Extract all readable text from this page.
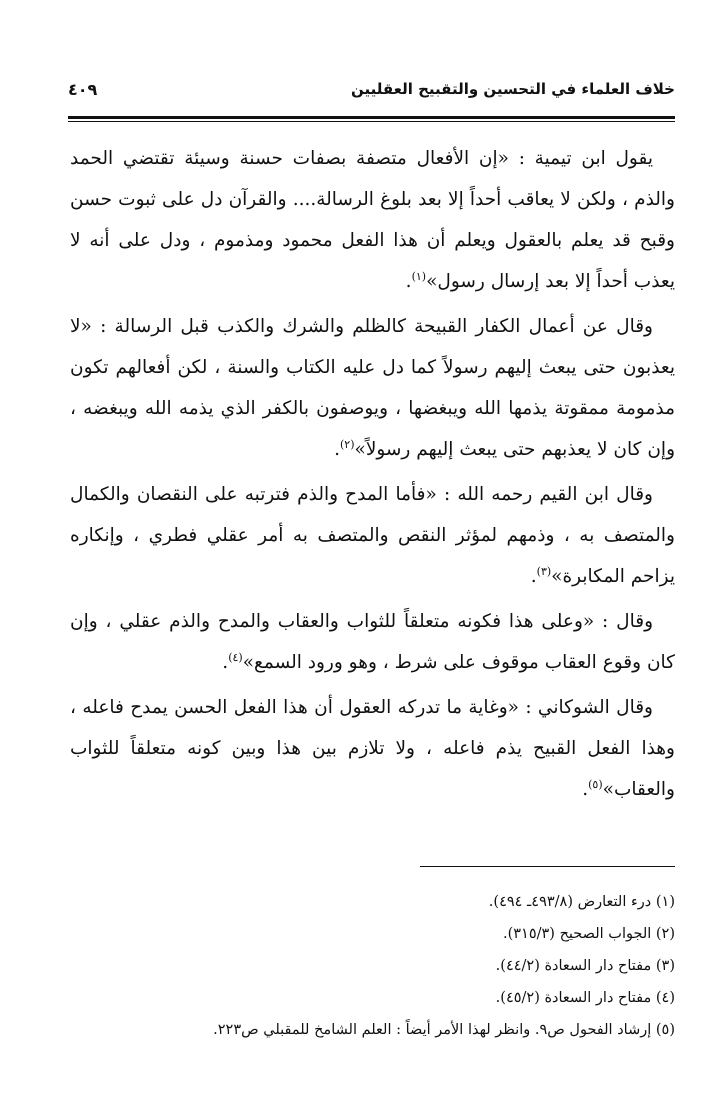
خلاف العلماء في التحسين والتقبيح العقليين
٤٠٩

يقول ابن تيمية : «إن الأفعال متصفة بصفات حسنة وسيئة تقتضي الحمد والذم ، ولكن لا يعاقب أحداً إلا بعد بلوغ الرسالة.... والقرآن دل على ثبوت حسن وقبح قد يعلم بالعقول ويعلم أن هذا الفعل محمود ومذموم ، ودل على أنه لا يعذب أحداً إلا بعد إرسال رسول»$^{(١)}$.

وقال عن أعمال الكفار القبيحة كالظلم والشرك والكذب قبل الرسالة : «لا يعذبون حتى يبعث إليهم رسولاً كما دل عليه الكتاب والسنة ، لكن أفعالهم تكون مذمومة ممقوتة يذمها الله ويبغضها ، ويوصفون بالكفر الذي يذمه الله ويبغضه ، وإن كان لا يعذبهم حتى يبعث إليهم رسولاً»$^{(٢)}$.

وقال ابن القيم رحمه الله : «فأما المدح والذم فترتبه على النقصان والكمال والمتصف به ، وذمهم لمؤثر النقص والمتصف به أمر عقلي فطري ، وإنكاره يزاحم المكابرة»$^{(٣)}$.

وقال : «وعلى هذا فكونه متعلقاً للثواب والعقاب والمدح والذم عقلي ، وإن كان وقوع العقاب موقوف على شرط ، وهو ورود السمع»$^{(٤)}$.

وقال الشوكاني : «وغاية ما تدركه العقول أن هذا الفعل الحسن يمدح فاعله ، وهذا الفعل القبيح يذم فاعله ، ولا تلازم بين هذا وبين كونه متعلقاً للثواب والعقاب»$^{(٥)}$.

(١) درء التعارض (٤٩٣/٨ـ ٤٩٤).
(٢) الجواب الصحيح (٣١٥/٣).
(٣) مفتاح دار السعادة (٤٤/٢).
(٤) مفتاح دار السعادة (٤٥/٢).
(٥) إرشاد الفحول ص٩. وانظر لهذا الأمر أيضاً : العلم الشامخ للمقبلي ص٢٢٣.
